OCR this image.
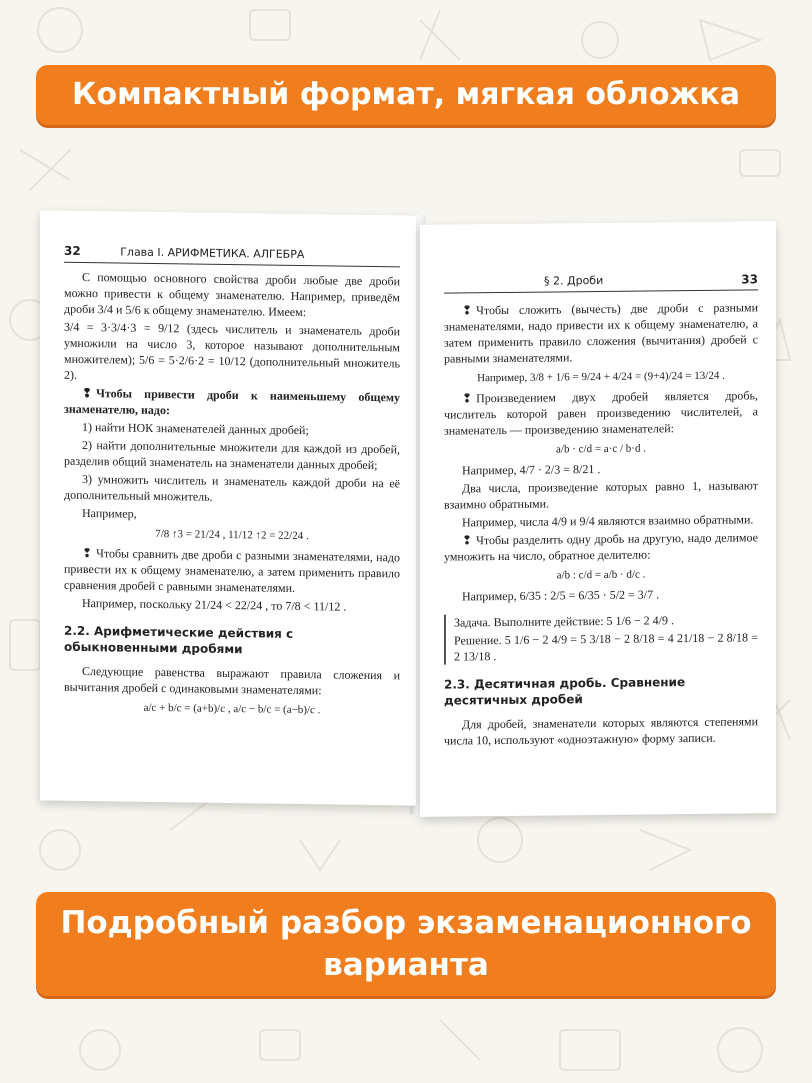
Компактный формат, мягкая обложка
32	Глава I. АРИФМЕТИКА. АЛГЕБРА

С помощью основного свойства дроби любые две дроби можно привести к общему знаменателю. Например, приведём дроби 3/4 и 5/6 к общему знаменателю. Имеем:

3/4 = 3·3/4·3 = 9/12 (здесь числитель и знаменатель дроби умножили на число 3, которое называют дополнительным множителем); 5/6 = 5·2/6·2 = 10/12 (дополнительный множитель 2).

❢ Чтобы привести дроби к наименьшему общему знаменателю, надо:

1) найти НОК знаменателей данных дробей;

2) найти дополнительные множители для каждой из дробей, разделив общий знаменатель на знаменатели данных дробей;

3) умножить числитель и знаменатель каждой дроби на её дополнительный множитель.

Например,

7/8 ↑3 = 21/24 , 11/12 ↑2 = 22/24 .

❢ Чтобы сравнить две дроби с разными знаменателями, надо привести их к общему знаменателю, а затем применить правило сравнения дробей с равными знаменателями.

Например, поскольку 21/24 < 22/24 , то 7/8 < 11/12 .

2.2. Арифметические действия с обыкновенными дробями

Следующие равенства выражают правила сложения и вычитания дробей с одинаковыми знаменателями:

a/c + b/c = (a+b)/c , a/c − b/c = (a−b)/c .
§ 2. Дроби	33

❢ Чтобы сложить (вычесть) две дроби с разными знаменателями, надо привести их к общему знаменателю, а затем применить правило сложения (вычитания) дробей с равными знаменателями.

Например, 3/8 + 1/6 = 9/24 + 4/24 = (9+4)/24 = 13/24 .

❢ Произведением двух дробей является дробь, числитель которой равен произведению числителей, а знаменатель — произведению знаменателей:

a/b · c/d = a·c / b·d .

Например, 4/7 · 2/3 = 8/21 .

Два числа, произведение которых равно 1, называют взаимно обратными.

Например, числа 4/9 и 9/4 являются взаимно обратными.

❢ Чтобы разделить одну дробь на другую, надо делимое умножить на число, обратное делителю:

a/b : c/d = a/b · d/c .

Например, 6/35 : 2/5 = 6/35 · 5/2 = 3/7 .

Задача. Выполните действие: 5 1/6 − 2 4/9 .

Решение. 5 1/6 − 2 4/9 = 5 3/18 − 2 8/18 = 4 21/18 − 2 8/18 = 2 13/18 .

2.3. Десятичная дробь. Сравнение десятичных дробей

Для дробей, знаменатели которых являются степенями числа 10, используют «одноэтажную» форму записи.

Подробный разбор экзаменационного
варианта
